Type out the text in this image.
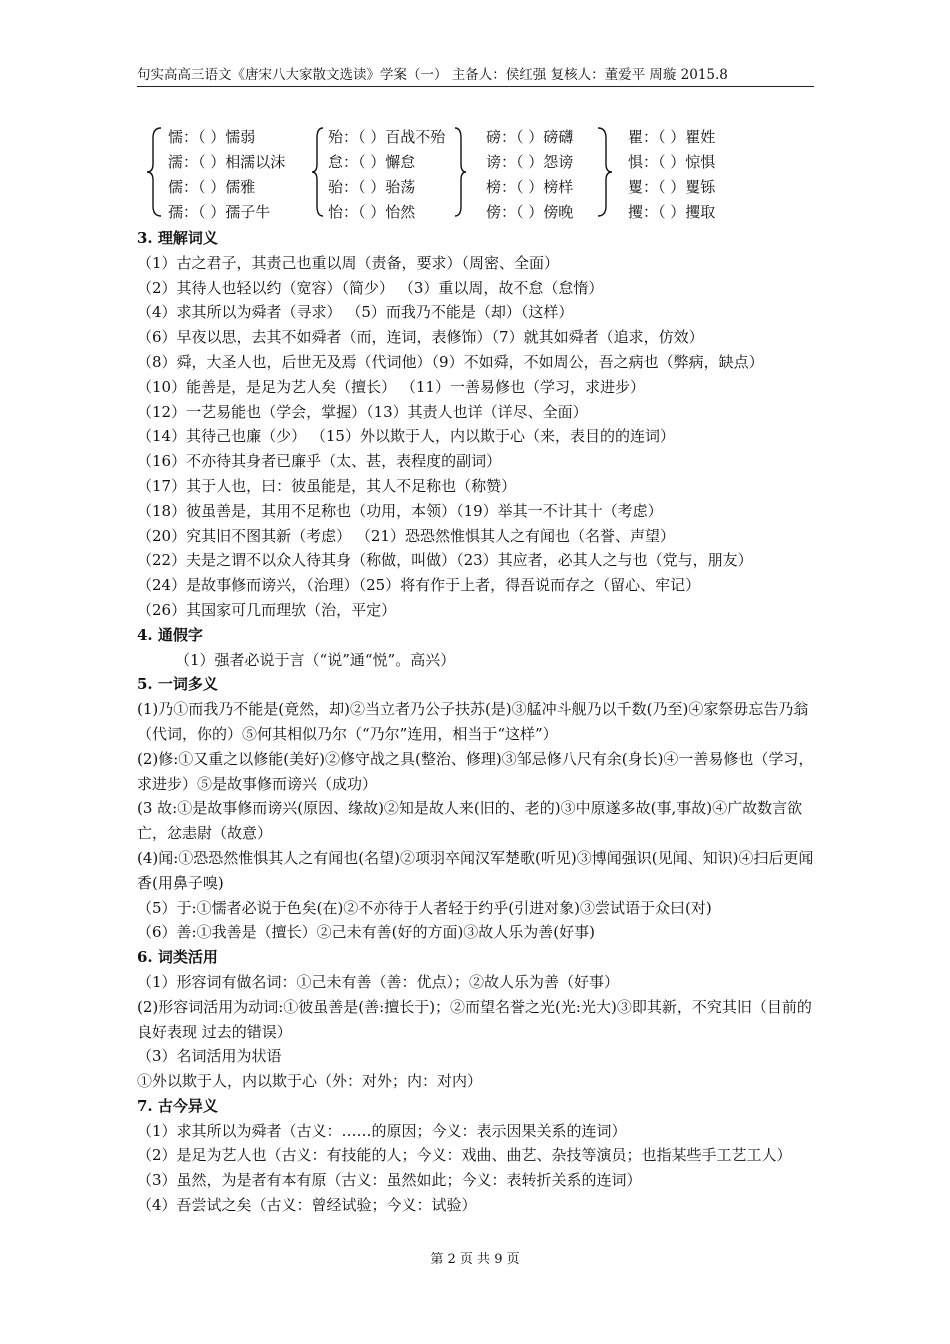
句实高高三语文《唐宋八大家散文选读》学案（一） 主备人：侯红强 复核人：董爱平 周璇 2015.8
懦：（ ）懦弱
濡：（ ）相濡以沫
儒：（ ）儒雅
孺：（ ）孺子牛
殆：（ ）百战不殆
怠：（ ）懈怠
骀：（ ）骀荡
怡：（ ）怡然
磅：（ ）磅礴
谤：（ ）怨谤
榜：（ ）榜样
傍：（ ）傍晚
瞿：（ ）瞿姓
惧：（ ）惊惧
矍：（ ）矍铄
攫：（ ）攫取
3. 理解词义
（1）古之君子，其责己也重以周（责备，要求）（周密、全面）
（2）其待人也轻以约（宽容）（简少） （3）重以周，故不怠（怠惰）
（4）求其所以为舜者（寻求） （5）而我乃不能是（却）（这样）
（6）早夜以思，去其不如舜者（而，连词，表修饰）（7）就其如舜者（追求，仿效）
（8）舜，大圣人也，后世无及焉（代词他）（9）不如舜，不如周公，吾之病也（弊病，缺点）
（10）能善是，是足为艺人矣（擅长） （11）一善易修也（学习，求进步）
（12）一艺易能也（学会，掌握）（13）其责人也详（详尽、全面）
（14）其待己也廉（少） （15）外以欺于人，内以欺于心（来，表目的的连词）
（16）不亦待其身者已廉乎（太、甚，表程度的副词）
（17）其于人也，曰：彼虽能是，其人不足称也（称赞）
（18）彼虽善是，其用不足称也（功用，本领）（19）举其一不计其十（考虑）
（20）究其旧不图其新（考虑） （21）恐恐然惟惧其人之有闻也（名誉、声望）
（22）夫是之谓不以众人待其身（称做，叫做）（23）其应者，必其人之与也（党与，朋友）
（24）是故事修而谤兴，（治理）（25）将有作于上者，得吾说而存之（留心、牢记）
（26）其国家可几而理欤（治，平定）
4. 通假字
（1）强者必说于言（“说”通“悦”。高兴）
5. 一词多义
(1)乃①而我乃不能是(竟然，却)②当立者乃公子扶苏(是)③艋冲斗舰乃以千数(乃至)④家祭毋忘告乃翁（代词，你的）⑤何其相似乃尔（“乃尔”连用，相当于“这样”）
(2)修:①又重之以修能(美好)②修守战之具(整治、修理)③邹忌修八尺有余(身长)④一善易修也（学习，求进步）⑤是故事修而谤兴（成功）
(3 故:①是故事修而谤兴(原因、缘故)②知是故人来(旧的、老的)③中原遂多故(事,事故)④广故数言欲亡，忿恚尉（故意）
(4)闻:①恐恐然惟惧其人之有闻也(名望)②项羽卒闻汉军楚歌(听见)③博闻强识(见闻、知识)④扫后更闻香(用鼻子嗅)
（5）于:①懦者必说于色矣(在)②不亦待于人者轻于约乎(引进对象)③尝试语于众曰(对)
（6）善:①我善是（擅长）②己未有善(好的方面)③故人乐为善(好事)
6. 词类活用
（1）形容词有做名词：①己未有善（善：优点）；②故人乐为善（好事）
(2)形容词活用为动词:①彼虽善是(善:擅长于)；②而望名誉之光(光:光大)③即其新，不究其旧（目前的良好表现 过去的错误）
（3）名词活用为状语
①外以欺于人，内以欺于心（外：对外；内：对内）
7. 古今异义
（1）求其所以为舜者（古义：……的原因；今义：表示因果关系的连词）
（2）是足为艺人也（古义：有技能的人；今义：戏曲、曲艺、杂技等演员；也指某些手工艺工人）
（3）虽然，为是者有本有原（古义：虽然如此；今义：表转折关系的连词）
（4）吾尝试之矣（古义：曾经试验；今义：试验）
第 2 页 共 9 页
